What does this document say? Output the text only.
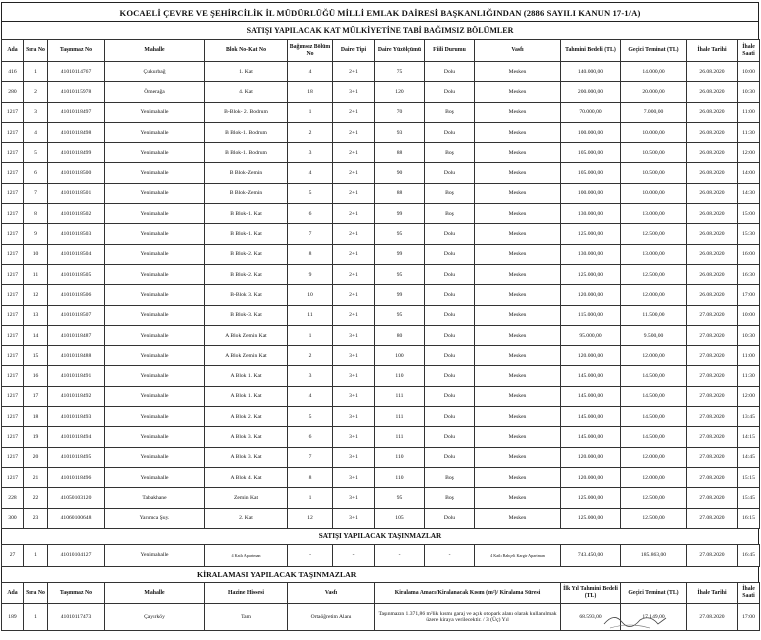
KOCAELİ ÇEVRE VE ŞEHİRCİLİK İL MÜDÜRLÜĞÜ MİLLİ EMLAK DAİRESİ BAŞKANLIĞINDAN (2886 SAYILI KANUN 17-1/A)
SATIŞI YAPILACAK KAT MÜLKİYETİNE TABİ BAĞIMSIZ BÖLÜMLER
Ada	Sıra No	Taşınmaz No	Mahalle	Blok No-Kat No	Bağımsız Bölüm No	Daire Tipi	Daire Yüzölçümü	Fiili Durumu	Vasfı	Tahmini Bedeli (TL)	Geçici Teminat (TL)	İhale Tarihi	İhale Saati
416	1	41010114767	Çukurbağ	1. Kat	4	2+1	75	Dolu	Mesken	140.000,00	14.000,00	26.08.2020	10:00
280	2	41010115978	Ömerağa	4. Kat	18	3+1	120	Dolu	Mesken	200.000,00	20.000,00	26.08.2020	10:30
1217	3	41010118497	Yenimahalle	B-Blok- 2. Bodrum	1	2+1	70	Boş	Mesken	70.000,00	7.000,00	26.08.2020	11:00
1217	4	41010118498	Yenimahalle	B Blok-1. Bodrum	2	2+1	93	Dolu	Mesken	100.000,00	10.000,00	26.08.2020	11:30
1217	5	41010118499	Yenimahalle	B Blok-1. Bodrum	3	2+1	88	Boş	Mesken	105.000,00	10.500,00	26.08.2020	12:00
1217	6	41010118500	Yenimahalle	B Blok-Zemin	4	2+1	90	Dolu	Mesken	105.000,00	10.500,00	26.08.2020	14:00
1217	7	41010118501	Yenimahalle	B Blok-Zemin	5	2+1	88	Boş	Mesken	100.000,00	10.000,00	26.08.2020	14:30
1217	8	41010118502	Yenimahalle	B Blok-1. Kat	6	2+1	99	Boş	Mesken	130.000,00	13.000,00	26.08.2020	15:00
1217	9	41010118503	Yenimahalle	B Blok-1. Kat	7	2+1	95	Dolu	Mesken	125.000,00	12.500,00	26.08.2020	15:30
1217	10	41010118504	Yenimahalle	B Blok-2. Kat	8	2+1	99	Dolu	Mesken	130.000,00	13.000,00	26.08.2020	16:00
1217	11	41010118505	Yenimahalle	B Blok-2. Kat	9	2+1	95	Dolu	Mesken	125.000,00	12.500,00	26.08.2020	16:30
1217	12	41010118506	Yenimahalle	B-Blok 3. Kat	10	2+1	99	Dolu	Mesken	120.000,00	12.000,00	26.08.2020	17:00
1217	13	41010118507	Yenimahalle	B Blok-3. Kat	11	2+1	95	Dolu	Mesken	115.000,00	11.500,00	27.08.2020	10:00
1217	14	41010118487	Yenimahalle	A Blok Zemin Kat	1	3+1	80	Dolu	Mesken	95.000,00	9.500,00	27.08.2020	10:30
1217	15	41010118488	Yenimahalle	A Blok Zemin Kat	2	3+1	100	Dolu	Mesken	120.000,00	12.000,00	27.08.2020	11:00
1217	16	41010118491	Yenimahalle	A Blok 1. Kat	3	3+1	110	Dolu	Mesken	145.000,00	14.500,00	27.08.2020	11:30
1217	17	41010118492	Yenimahalle	A Blok 1. Kat	4	3+1	111	Dolu	Mesken	145.000,00	14.500,00	27.08.2020	12:00
1217	18	41010118493	Yenimahalle	A Blok 2. Kat	5	3+1	111	Dolu	Mesken	145.000,00	14.500,00	27.08.2020	13:45
1217	19	41010118494	Yenimahalle	A Blok 3. Kat	6	3+1	111	Dolu	Mesken	145.000,00	14.500,00	27.08.2020	14:15
1217	20	41010118495	Yenimahalle	A Blok 3. Kat	7	3+1	110	Dolu	Mesken	120.000,00	12.000,00	27.08.2020	14:45
1217	21	41010118496	Yenimahalle	A Blok 4. Kat	8	3+1	110	Boş	Mesken	120.000,00	12.000,00	27.08.2020	15:15
228	22	41050103120	Tabakhane	Zemin Kat	1	3+1	95	Boş	Mesken	125.000,00	12.500,00	27.08.2020	15:45
300	23	41060100648	Yarımca Şuy.	2. Kat	12	3+1	105	Dolu	Mesken	125.000,00	12.500,00	27.08.2020	16:15
SATIŞI YAPILACAK TAŞINMAZLAR
27	1	41010104127	Yenimahalle	4 Katlı Apartman	-	-	-	-	4 Katlı Bahçeli Kargir Apartman	743.450,00	185.863,00	27.08.2020	16:45
KİRALAMASI YAPILACAK TAŞINMAZLAR
Ada	Sıra No	Taşınmaz No	Mahalle	Hazine Hissesi	Vasfı	Kiralama Amacı/Kiralanacak Kısım (m²)/ Kiralama Süresi	İlk Yıl Tahmini Bedeli (TL)	Geçici Teminat (TL)	İhale Tarihi	İhale Saati
189	1	41010117473	Çayırköy	Tam	Ortaöğretim Alanı	Taşınmazın 1.371,86 m²lik kısmı garaj ve açık otopark alanı olarak kullanılmak üzere kiraya verilecektir. / 3 (Üç) Yıl	68.593,00	17.149,00	27.08.2020	17:00
